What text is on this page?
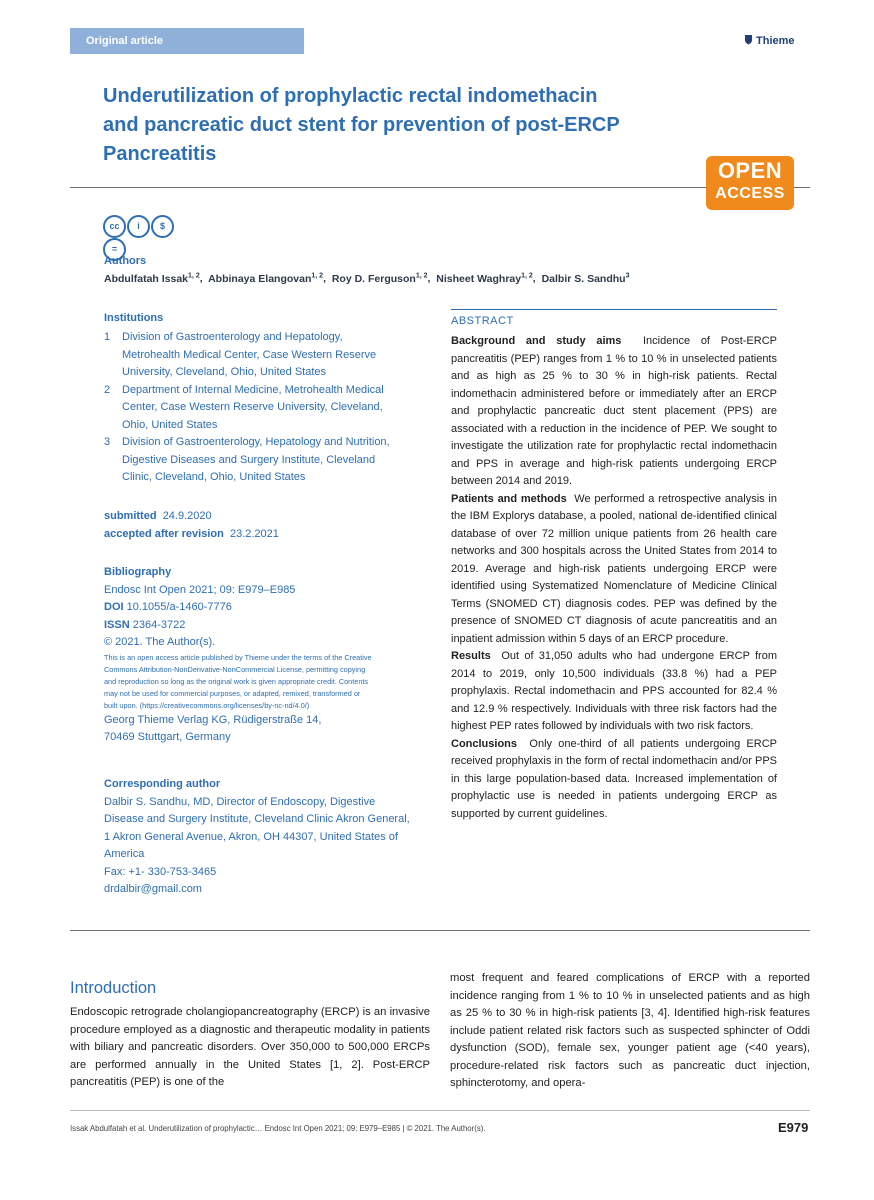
Original article	Thieme
Underutilization of prophylactic rectal indomethacin
and pancreatic duct stent for prevention of post-ERCP
Pancreatitis
OPEN
ACCESS
cc i $=
Authors
Abdulfatah Issak$^{1, 2}$,  Abbinaya Elangovan$^{1, 2}$,  Roy D. Ferguson$^{1, 2}$,  Nisheet Waghray$^{1, 2}$,  Dalbir S. Sandhu$^3$
Institutions
1 Division of Gastroenterology and Hepatology,
Metrohealth Medical Center, Case Western Reserve
University, Cleveland, Ohio, United States
2 Department of Internal Medicine, Metrohealth Medical
Center, Case Western Reserve University, Cleveland,
Ohio, United States
3 Division of Gastroenterology, Hepatology and Nutrition,
Digestive Diseases and Surgery Institute, Cleveland
Clinic, Cleveland, Ohio, United States
submitted 24.9.2020
accepted after revision 23.2.2021
Bibliography
Endosc Int Open 2021; 09: E979–E985
DOI 10.1055/a-1460-7776
ISSN 2364-3722
© 2021. The Author(s).
This is an open access article published by Thieme under the terms of the Creative
Commons Attribution-NonDerivative-NonCommercial License, permitting copying
and reproduction so long as the original work is given appropriate credit. Contents
may not be used for commercial purposes, or adapted, remixed, transformed or
built upon. (https://creativecommons.org/licenses/by-nc-nd/4.0/)
Georg Thieme Verlag KG, Rüdigerstraße 14,
70469 Stuttgart, Germany
Corresponding author
Dalbir S. Sandhu, MD, Director of Endoscopy, Digestive
Disease and Surgery Institute, Cleveland Clinic Akron General,
1 Akron General Avenue, Akron, OH 44307, United States of
America
Fax: +1- 330-753-3465
drdalbir@gmail.com
ABSTRACT
Background and study aims Incidence of Post-ERCP pancreatitis (PEP) ranges from 1 % to 10 % in unselected patients and as high as 25 % to 30 % in high-risk patients. Rectal indomethacin administered before or immediately after an ERCP and prophylactic pancreatic duct stent placement (PPS) are associated with a reduction in the incidence of PEP. We sought to investigate the utilization rate for prophylactic rectal indomethacin and PPS in average and high-risk patients undergoing ERCP between 2014 and 2019.
Patients and methods We performed a retrospective analysis in the IBM Explorys database, a pooled, national de-identified clinical database of over 72 million unique patients from 26 health care networks and 300 hospitals across the United States from 2014 to 2019. Average and high-risk patients undergoing ERCP were identified using Systematized Nomenclature of Medicine Clinical Terms (SNOMED CT) diagnosis codes. PEP was defined by the presence of SNOMED CT diagnosis of acute pancreatitis and an inpatient admission within 5 days of an ERCP procedure.
Results Out of 31,050 adults who had undergone ERCP from 2014 to 2019, only 10,500 individuals (33.8 %) had a PEP prophylaxis. Rectal indomethacin and PPS accounted for 82.4 % and 12.9 % respectively. Individuals with three risk factors had the highest PEP rates followed by individuals with two risk factors.
Conclusions Only one-third of all patients undergoing ERCP received prophylaxis in the form of rectal indomethacin and/or PPS in this large population-based data. Increased implementation of prophylactic use is needed in patients undergoing ERCP as supported by current guidelines.
Introduction
Endoscopic retrograde cholangiopancreatography (ERCP) is an invasive procedure employed as a diagnostic and therapeutic modality in patients with biliary and pancreatic disorders. Over 350,000 to 500,000 ERCPs are performed annually in the United States [1, 2]. Post-ERCP pancreatitis (PEP) is one of the
most frequent and feared complications of ERCP with a reported incidence ranging from 1 % to 10 % in unselected patients and as high as 25 % to 30 % in high-risk patients [3, 4]. Identified high-risk features include patient related risk factors such as suspected sphincter of Oddi dysfunction (SOD), female sex, younger patient age (<40 years), procedure-related risk factors such as pancreatic duct injection, sphincterotomy, and opera-
Issak Abdulfatah et al. Underutilization of prophylactic… Endosc Int Open 2021; 09: E979–E985 | © 2021. The Author(s).	E979
